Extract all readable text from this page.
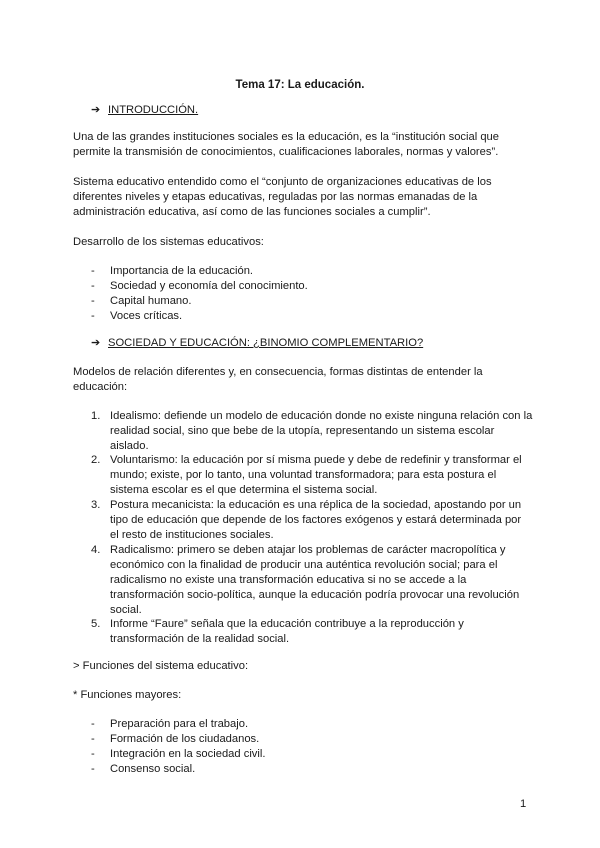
Tema 17: La educación.
➔ INTRODUCCIÓN.
Una de las grandes instituciones sociales es la educación, es la “institución social que
permite la transmisión de conocimientos, cualificaciones laborales, normas y valores”.
Sistema educativo entendido como el “conjunto de organizaciones educativas de los
diferentes niveles y etapas educativas, reguladas por las normas emanadas de la
administración educativa, así como de las funciones sociales a cumplir”.
Desarrollo de los sistemas educativos:
- Importancia de la educación.
- Sociedad y economía del conocimiento.
- Capital humano.
- Voces críticas.
➔ SOCIEDAD Y EDUCACIÓN: ¿BINOMIO COMPLEMENTARIO?
Modelos de relación diferentes y, en consecuencia, formas distintas de entender la
educación:
1. Idealismo: defiende un modelo de educación donde no existe ninguna relación con la
realidad social, sino que bebe de la utopía, representando un sistema escolar
aislado.
2. Voluntarismo: la educación por sí misma puede y debe de redefinir y transformar el
mundo; existe, por lo tanto, una voluntad transformadora; para esta postura el
sistema escolar es el que determina el sistema social.
3. Postura mecanicista: la educación es una réplica de la sociedad, apostando por un
tipo de educación que depende de los factores exógenos y estará determinada por
el resto de instituciones sociales.
4. Radicalismo: primero se deben atajar los problemas de carácter macropolítica y
económico con la finalidad de producir una auténtica revolución social; para el
radicalismo no existe una transformación educativa si no se accede a la
transformación socio-política, aunque la educación podría provocar una revolución
social.
5. Informe “Faure” señala que la educación contribuye a la reproducción y
transformación de la realidad social.
> Funciones del sistema educativo:
* Funciones mayores:
- Preparación para el trabajo.
- Formación de los ciudadanos.
- Integración en la sociedad civil.
- Consenso social.
1
